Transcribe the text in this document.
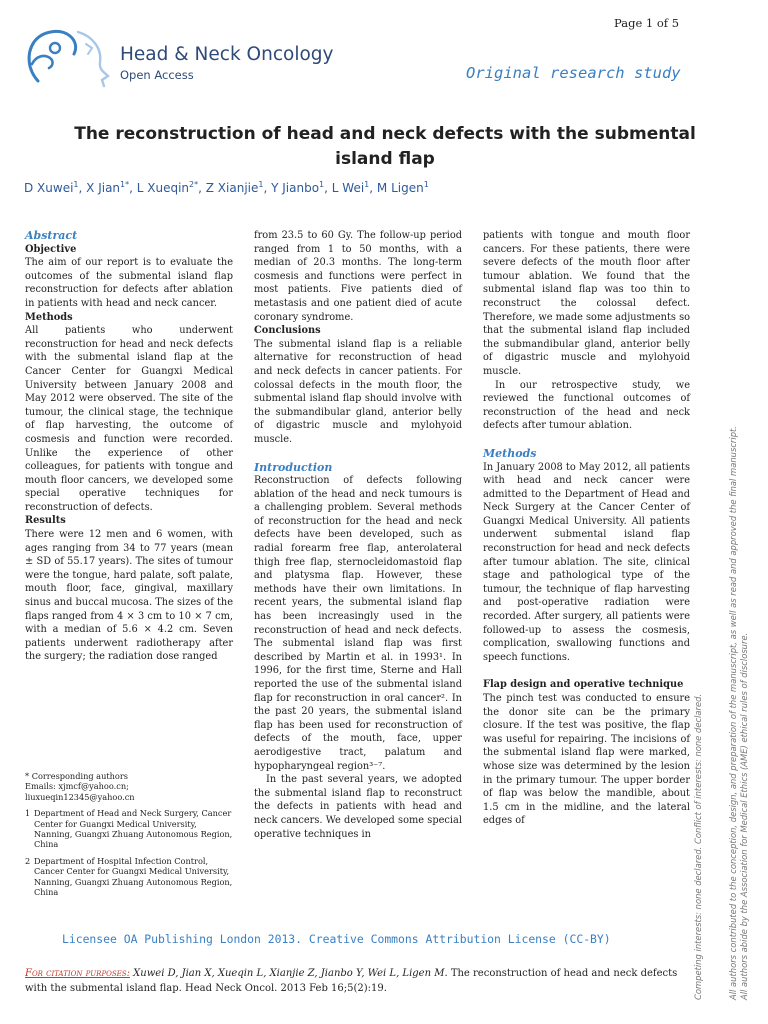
Page 1 of 5
Head & Neck Oncology
Open Access	Original research study
The reconstruction of head and neck defects with the submental island flap
D Xuwei$^1$, X Jian$^{1*}$, L Xueqin$^{2*}$, Z Xianjie$^1$, Y Jianbo$^1$, L Wei$^1$, M Ligen$^1$

Abstract

Objective

The aim of our report is to evaluate the outcomes of the submental island flap reconstruction for defects after ablation in patients with head and neck cancer.

Methods

All patients who underwent reconstruction for head and neck defects with the submental island flap at the Cancer Center for Guangxi Medical University between January 2008 and May 2012 were observed. The site of the tumour, the clinical stage, the technique of flap harvesting, the outcome of cosmesis and function were recorded. Unlike the experience of other colleagues, for patients with tongue and mouth floor cancers, we developed some special operative techniques for reconstruction of defects.

Results

There were 12 men and 6 women, with ages ranging from 34 to 77 years (mean ± SD of 55.17 years). The sites of tumour were the tongue, hard palate, soft palate, mouth floor, face, gingival, maxillary sinus and buccal mucosa. The sizes of the flaps ranged from 4 × 3 cm to 10 × 7 cm, with a median of 5.6 × 4.2 cm. Seven patients underwent radiotherapy after the surgery; the radiation dose ranged

* Corresponding authors

Emails: xjmcf@yahoo.cn;

liuxueqin12345@yahoo.cn

1 Department of Head and Neck Surgery, Cancer Center for Guangxi Medical University, Nanning, Guangxi Zhuang Autonomous Region, China
2 Department of Hospital Infection Control, Cancer Center for Guangxi Medical University, Nanning, Guangxi Zhuang Autonomous Region, China

from 23.5 to 60 Gy. The follow-up period ranged from 1 to 50 months, with a median of 20.3 months. The long-term cosmesis and functions were perfect in most patients. Five patients died of metastasis and one patient died of acute coronary syndrome.

Conclusions

The submental island flap is a reliable alternative for reconstruction of head and neck defects in cancer patients. For colossal defects in the mouth floor, the submental island flap should involve with the submandibular gland, anterior belly of digastric muscle and mylohyoid muscle.

Introduction

Reconstruction of defects following ablation of the head and neck tumours is a challenging problem. Several methods of reconstruction for the head and neck defects have been developed, such as radial forearm free flap, anterolateral thigh free flap, sternocleidomastoid flap and platysma flap. However, these methods have their own limitations. In recent years, the submental island flap has been increasingly used in the reconstruction of head and neck defects. The submental island flap was first described by Martin et al. in 1993¹. In 1996, for the first time, Sterne and Hall reported the use of the submental island flap for reconstruction in oral cancer². In the past 20 years, the submental island flap has been used for reconstruction of defects of the mouth, face, upper aerodigestive tract, palatum and hypopharyngeal region³⁻⁷.

In the past several years, we adopted the submental island flap to reconstruct the defects in patients with head and neck cancers. We developed some special operative techniques in

patients with tongue and mouth floor cancers. For these patients, there were severe defects of the mouth floor after tumour ablation. We found that the submental island flap was too thin to reconstruct the colossal defect. Therefore, we made some adjustments so that the submental island flap included the submandibular gland, anterior belly of digastric muscle and mylohyoid muscle.

In our retrospective study, we reviewed the functional outcomes of reconstruction of the head and neck defects after tumour ablation.

Methods

In January 2008 to May 2012, all patients with head and neck cancer were admitted to the Department of Head and Neck Surgery at the Cancer Center of Guangxi Medical University. All patients underwent submental island flap reconstruction for head and neck defects after tumour ablation. The site, clinical stage and pathological type of the tumour, the technique of flap harvesting and post-operative radiation were recorded. After surgery, all patients were followed-up to assess the cosmesis, complication, swallowing functions and speech functions.

Flap design and operative technique

The pinch test was conducted to ensure the donor site can be the primary closure. If the test was positive, the flap was useful for repairing. The incisions of the submental island flap were marked, whose size was determined by the lesion in the primary tumour. The upper border of flap was below the mandible, about 1.5 cm in the midline, and the lateral edges of

Licensee OA Publishing London 2013. Creative Commons Attribution License (CC-BY)
For citation purposes: Xuwei D, Jian X, Xueqin L, Xianjie Z, Jianbo Y, Wei L, Ligen M. The reconstruction of head and neck defects with the submental island flap. Head Neck Oncol. 2013 Feb 16;5(2):19.	Competing interests: none declared. Conflict of interests: none declared.	All authors contributed to the conception, design, and preparation of the manuscript, as well as read and approved the final manuscript. All authors abide by the Association for Medical Ethics (AME) ethical rules of disclosure.
